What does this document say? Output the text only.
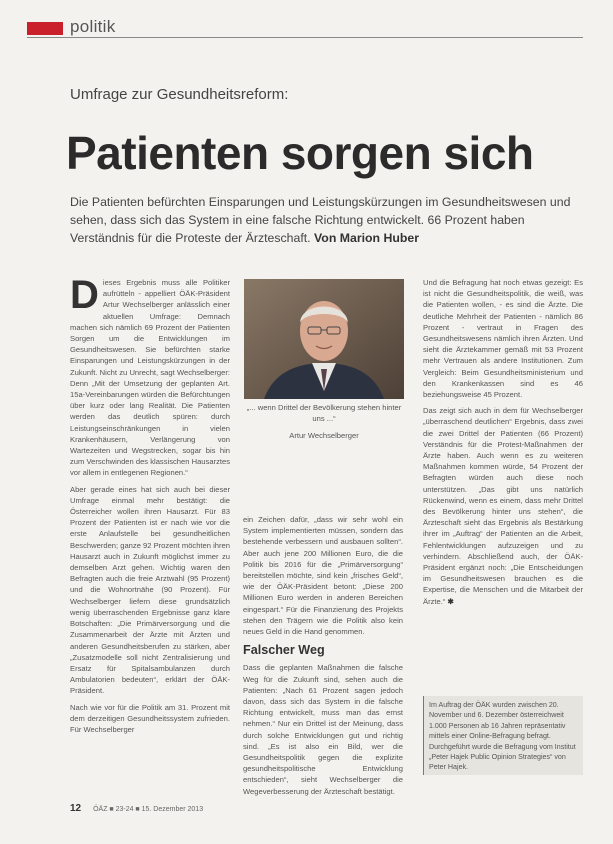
politik
Umfrage zur Gesundheitsreform:
Patienten sorgen sich
Die Patienten befürchten Einsparungen und Leistungskürzungen im Gesundheitswesen und sehen, dass sich das System in eine falsche Richtung entwickelt. 66 Prozent haben Verständnis für die Proteste der Ärzteschaft. Von Marion Huber

D ieses Ergebnis muss alle Politiker aufrütteln - appelliert ÖÄK-Präsident Artur Wechselberger anlässlich einer aktuellen Umfrage: Demnach machen sich nämlich 69 Prozent der Patienten Sorgen um die Entwicklungen im Gesundheitswesen. Sie befürchten starke Einsparungen und Leistungskürzungen in der Zukunft. Nicht zu Unrecht, sagt Wechselberger: Denn „Mit der Umsetzung der geplanten Art. 15a-Vereinbarungen würden die Befürchtungen über kurz oder lang Realität. Die Patienten werden das deutlich spüren: durch Leistungseinschränkungen in vielen Krankenhäusern, Verlängerung von Wartezeiten und Wegstrecken, sogar bis hin zum Verschwinden des klassischen Hausarztes vor allem in entlegenen Regionen.“

Aber gerade eines hat sich auch bei dieser Umfrage einmal mehr bestätigt: die Österreicher wollen ihren Hausarzt. Für 83 Prozent der Patienten ist er nach wie vor die erste Anlaufstelle bei gesundheitlichen Beschwerden; ganze 92 Prozent möchten ihren Hausarzt auch in Zukunft möglichst immer zu demselben Arzt gehen. Wichtig waren den Befragten auch die freie Arztwahl (95 Prozent) und die Wohnortnähe (90 Prozent). Für Wechselberger liefern diese grundsätzlich wenig überraschenden Ergebnisse ganz klare Botschaften: „Die Primärversorgung und die Zusammenarbeit der Ärzte mit Ärzten und anderen Gesundheitsberufen zu stärken, aber „Zusatzmodelle soll nicht Zentralisierung und Ersatz für Spitalsambulanzen durch Ambulatorien bedeuten“, erklärt der ÖÄK-Präsident.

Nach wie vor für die Politik am 31. Prozent mit dem derzeitigen Gesundheitssystem zufrieden. Für Wechselberger

„... wenn Drittel der Bevölkerung stehen hinter uns ...“
Artur Wechselberger

ein Zeichen dafür, „dass wir sehr wohl ein System implementierten müssen, sondern das bestehende verbessern und ausbauen sollten“. Aber auch jene 200 Millionen Euro, die die Politik bis 2016 für die „Primärversorgung“ bereitstellen möchte, sind kein „frisches Geld“, wie der ÖÄK-Präsident betont: „Diese 200 Millionen Euro werden in anderen Bereichen eingespart.“ Für die Finanzierung des Projekts stehen den Trägern wie die Politik also kein neues Geld in die Hand genommen.

Falscher Weg

Dass die geplanten Maßnahmen die falsche Weg für die Zukunft sind, sehen auch die Patienten: „Nach 61 Prozent sagen jedoch davon, dass sich das System in die falsche Richtung entwickelt, muss man das ernst nehmen.“ Nur ein Drittel ist der Meinung, dass durch solche Entwicklungen gut und richtig sind. „Es ist also ein Bild, wer die Gesundheitspolitik gegen die explizite gesundheitspolitische Entwicklung entschieden“, sieht Wechselberger die Wegeverbesserung der Ärzteschaft bestätigt.

Und die Befragung hat noch etwas gezeigt: Es ist nicht die Gesundheitspolitik, die weiß, was die Patienten wollen, - es sind die Ärzte. Die deutliche Mehrheit der Patienten - nämlich 86 Prozent - vertraut in Fragen des Gesundheitswesens nämlich ihren Ärzten. Und sieht die Ärztekammer gemäß mit 53 Prozent mehr Vertrauen als andere Institutionen. Zum Vergleich: Beim Gesundheitsministerium und den Krankenkassen sind es 46 beziehungsweise 45 Prozent.

Das zeigt sich auch in dem für Wechselberger „überraschend deutlichen“ Ergebnis, dass zwei die zwei Drittel der Patienten (66 Prozent) Verständnis für die Protest-Maßnahmen der Ärzte haben. Auch wenn es zu weiteren Maßnahmen kommen würde, 54 Prozent der Befragten würden auch diese noch unterstützen. „Das gibt uns natürlich Rückenwind, wenn es einem, dass mehr Drittel des Bevölkerung hinter uns stehen“, die Ärzteschaft sieht das Ergebnis als Bestärkung ihrer im „Auftrag“ der Patienten an die Arbeit, Fehlentwicklungen aufzuzeigen und zu verhindern. Abschließend auch, der ÖÄK-Präsident ergänzt noch: „Die Entscheidungen im Gesundheitswesen brauchen es die Expertise, die Menschen und die Mitarbeit der Ärzte.“ ✱

Im Auftrag der ÖÄK wurden zwischen 20. November und 6. Dezember österreichweit 1.000 Personen ab 16 Jahren repräsentativ mittels einer Online-Befragung befragt. Durchgeführt wurde die Befragung vom Institut „Peter Hajek Public Opinion Strategies“ von Peter Hajek.
12 ÖÄZ ■ 23-24 ■ 15. Dezember 2013
